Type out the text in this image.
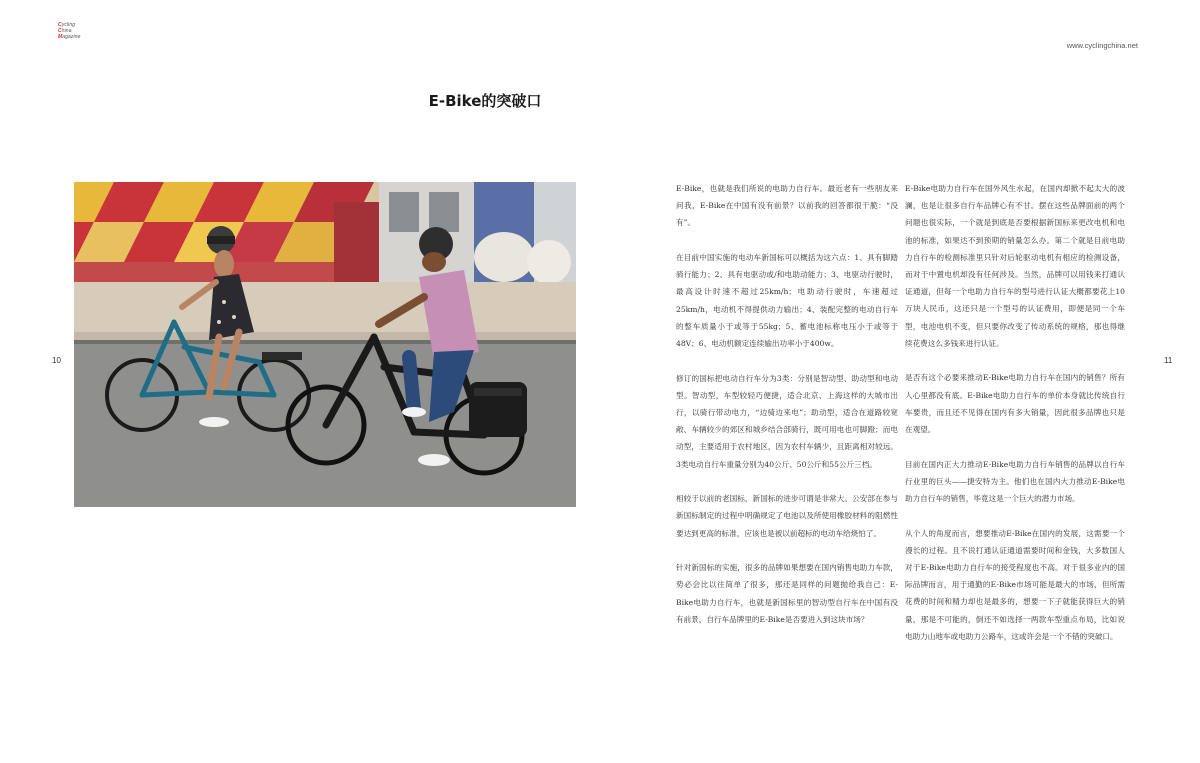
Cycling
China
Magazine
www.cyclingchina.net
E-Bike的突破口
10	11

E-Bike，也就是我们所说的电助力自行车。最近老有一些朋友来问我，E-Bike在中国有没有前景？以前我的回答都很干脆：“没有”。

在目前中国实施的电动车新国标可以概括为这六点：1、具有脚踏骑行能力；2、具有电驱动或/和电助动能力；3、电驱动行驶时，最高设计时速不超过25km/h；电助动行驶时，车速超过25km/h，电动机不得提供动力输出；4、装配完整的电动自行车的整车质量小于或等于55kg；5、蓄电池标称电压小于或等于48V；6、电动机额定连续输出功率小于400w。

修订的国标把电动自行车分为3类：分别是智动型、助动型和电动型。智动型，车型较轻巧便捷，适合北京、上海这样的大城市出行，以骑行带动电力，“边骑边来电”；助动型，适合在道路较宽敞、车辆较少的郊区和城乡结合部骑行，既可用电也可脚蹬；而电动型，主要适用于农村地区，因为农村车辆少，且距离相对较远。3类电动自行车重量分别为40公斤、50公斤和55公斤三档。

相较于以前的老国标，新国标的进步可谓是非常大。公安部在参与新国标制定的过程中明确规定了电池以及所使用橡胶材料的阻燃性要达到更高的标准，应该也是被以前超标的电动车给烧怕了。

针对新国标的实施，很多的品牌如果想要在国内销售电助力车款，势必会比以往简单了很多，那还是同样的问题抛给我自己：E-Bike电助力自行车，也就是新国标里的智动型自行车在中国有没有前景，自行车品牌里的E-Bike是否要进入到这块市场？

E-Bike电助力自行车在国外风生水起，在国内却掀不起太大的波澜，也是让很多自行车品牌心有不甘。摆在这些品牌面前的两个问题也很实际，一个就是到底是否要根据新国标来更改电机和电池的标准，如果达不到预期的销量怎么办。第二个就是目前电助力自行车的检测标准里只针对后轮驱动电机有相应的检测设备，而对于中置电机却没有任何涉及。当然，品牌可以用钱来打通认证通道，但每一个电助力自行车的型号进行认证大概都要花上10万块人民币，这还只是一个型号的认证费用，即便是同一个车型，电池电机不变，但只要你改变了传动系统的规格，那也得继续花费这么多钱来进行认证。

是否有这个必要来推动E-Bike电助力自行车在国内的销售？所有人心里都没有底。E-Bike电助力自行车的单价本身就比传统自行车要贵，而且还不见得在国内有多大销量，因此很多品牌也只是在观望。

目前在国内正大力推动E-Bike电助力自行车销售的品牌以自行车行业里的巨头——捷安特为主。他们也在国内大力推动E-Bike电助力自行车的销售，毕竟这是一个巨大的潜力市场。

从个人的角度而言，想要推动E-Bike在国内的发展，这需要一个漫长的过程。且不说打通认证通道需要时间和金钱，大多数国人对于E-Bike电助力自行车的接受程度也不高。对于很多业内的国际品牌而言，用于通勤的E-Bike市场可能是最大的市场，但所需花费的时间和精力却也是最多的，想要一下子就能获得巨大的销量，那是不可能的，倒还不如选择一两款车型重点布局，比如说电助力山地车或电助力公路车，这或许会是一个不错的突破口。
